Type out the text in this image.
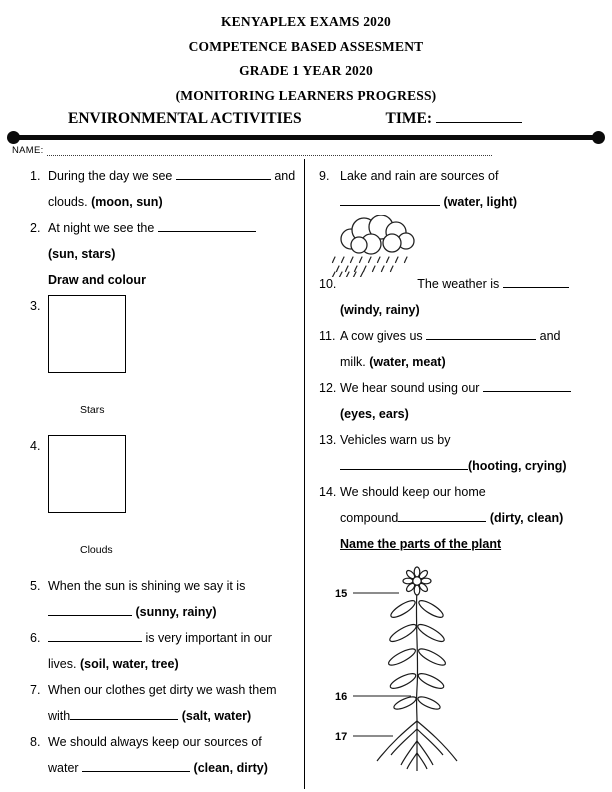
KENYAPLEX EXAMS 2020
COMPETENCE BASED ASSESMENT
GRADE 1 YEAR 2020
(MONITORING LEARNERS PROGRESS)
ENVIRONMENTAL ACTIVITIES	TIME:
NAME:
1. During the day we see	and
clouds. (moon, sun)
2. At night we see the
(sun, stars)
Draw and colour
3.
Stars
4.
Clouds
5. When the sun is shining we say it is
(sunny, rainy)
6.	is very important in our
lives. (soil, water, tree)
7. When our clothes get dirty we wash them
with	(salt, water)
8. We should always keep our sources of
water	(clean, dirty)
9. Lake and rain are sources of
(water, light)
10.	The weather is
(windy, rainy)
11. A cow gives us	and
milk. (water, meat)
12. We hear sound using our
(eyes, ears)
13. Vehicles warn us by
(hooting, crying)
14. We should keep our home
compound	(dirty, clean)
Name the parts of the plant
15
16
17
